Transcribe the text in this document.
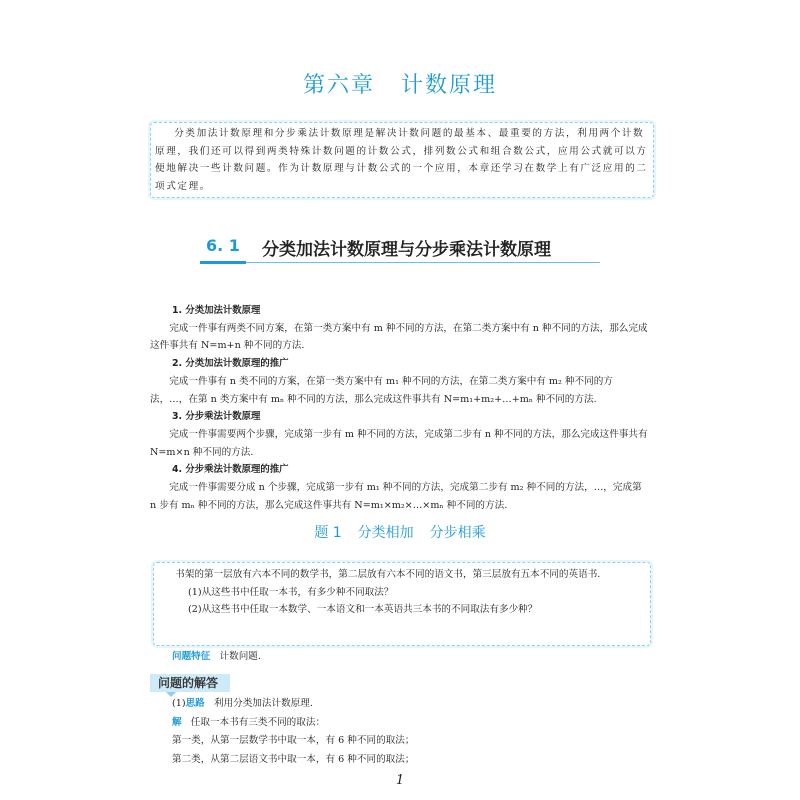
第六章 计数原理

分类加法计数原理和分步乘法计数原理是解决计数问题的最基本、最重要的方法，利用两个计数原理，我们还可以得到两类特殊计数问题的计数公式，排列数公式和组合数公式，应用公式就可以方便地解决一些计数问题。作为计数原理与计数公式的一个应用，本章还学习在数学上有广泛应用的二项式定理。

6. 1 分类加法计数原理与分步乘法计数原理
1. 分类加法计数原理

完成一件事有两类不同方案，在第一类方案中有 m 种不同的方法，在第二类方案中有 n 种不同的方法，那么完成这件事共有 N=m+n 种不同的方法.

2. 分类加法计数原理的推广

完成一件事有 n 类不同的方案，在第一类方案中有 m₁ 种不同的方法，在第二类方案中有 m₂ 种不同的方法，…，在第 n 类方案中有 mₙ 种不同的方法，那么完成这件事共有 N=m₁+m₂+…+mₙ 种不同的方法.

3. 分步乘法计数原理

完成一件事需要两个步骤，完成第一步有 m 种不同的方法，完成第二步有 n 种不同的方法，那么完成这件事共有 N=m×n 种不同的方法.

4. 分步乘法计数原理的推广

完成一件事需要分成 n 个步骤，完成第一步有 m₁ 种不同的方法，完成第二步有 m₂ 种不同的方法，…，完成第 n 步有 mₙ 种不同的方法，那么完成这件事共有 N=m₁×m₂×…×mₙ 种不同的方法.

题 1 分类相加 分步相乘

书架的第一层放有六本不同的数学书，第二层放有六本不同的语文书，第三层放有五本不同的英语书.

(1)从这些书中任取一本书，有多少种不同取法？

(2)从这些书中任取一本数学、一本语文和一本英语共三本书的不同取法有多少种？

问题特征 计数问题.
问题的解答

(1)思路 利用分类加法计数原理.

解 任取一本书有三类不同的取法：

第一类，从第一层数学书中取一本，有 6 种不同的取法；

第二类，从第二层语文书中取一本，有 6 种不同的取法；

1
